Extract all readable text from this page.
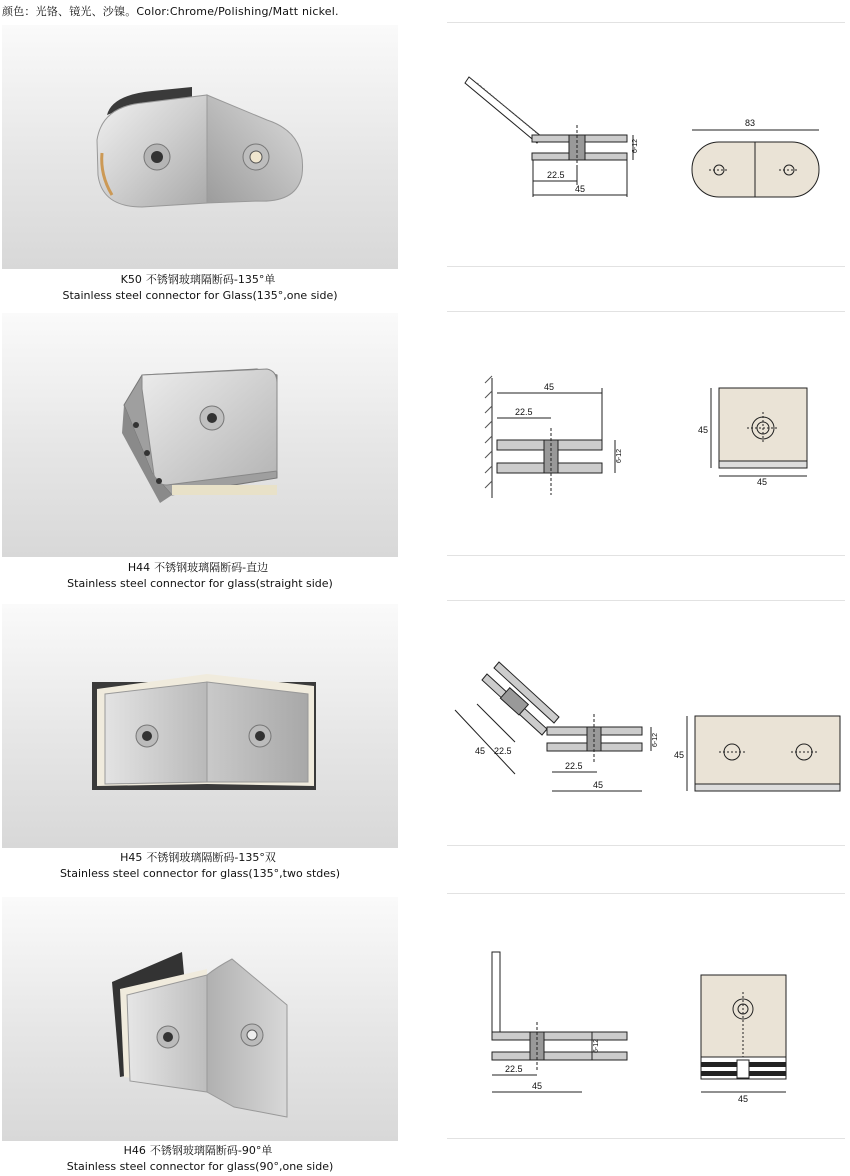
颜色：光铬、镜光、沙镍。Color:Chrome/Polishing/Matt nickel.
K50 不锈钢玻璃隔断码-135°单
Stainless steel connector for Glass(135°,one side)
22.5
45
6-12
83
H44 不锈钢玻璃隔断码-直边
Stainless steel connector for glass(straight side)
45
22.5
6-12
45
45
H45 不锈钢玻璃隔断码-135°双
Stainless steel connector for glass(135°,two stdes)
45 22.5
22.5
45
6-12
45
H46 不锈钢玻璃隔断码-90°单
Stainless steel connector for glass(90°,one side)
22.5
45
6-12
45
